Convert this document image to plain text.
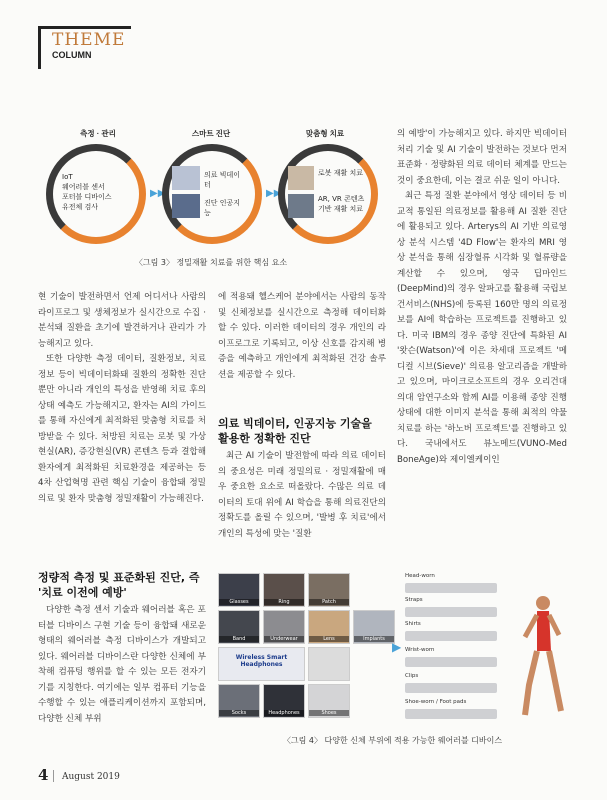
THEME
COLUMN
측정 · 관리	스마트 진단	맞춤형 치료
IoT
웨어러블 센서
포터블 디바이스
유전체 검사
▶▶
의료 빅데이터
진단 인공지능
▶▶
로봇 재활 치료
AR, VR 콘텐츠 기반 재활 치료
〈그림 3〉 정밀재활 치료를 위한 핵심 요소

현 기술이 발전하면서 언제 어디서나 사람의 라이프로그 및 생체정보가 실시간으로 수집 · 분석돼 질환을 초기에 발견하거나 관리가 가능해지고 있다.

또한 다양한 측정 데이터, 질환정보, 치료정보 등이 빅데이터화돼 질환의 정확한 진단뿐만 아니라 개인의 특성을 반영해 치료 후의 상태 예측도 가능해지고, 환자는 AI의 가이드를 통해 자신에게 최적화된 맞춤형 치료를 처방받을 수 있다. 처방된 치료는 로봇 및 가상현실(AR), 증강현실(VR) 콘텐츠 등과 결합해 환자에게 최적화된 치료환경을 제공하는 등 4차 산업혁명 관련 핵심 기술이 융합돼 정밀의료 및 환자 맞춤형 정밀재활이 가능해진다.

정량적 측정 및 표준화된 진단, 즉 '치료 이전에 예방'

다양한 측정 센서 기술과 웨어러블 혹은 포터블 디바이스 구현 기술 등이 융합돼 새로운 형태의 웨어러블 측정 디바이스가 개발되고 있다. 웨어러블 디바이스란 다양한 신체에 부착해 컴퓨팅 행위를 할 수 있는 모든 전자기기를 지칭한다. 여기에는 일부 컴퓨터 기능을 수행할 수 있는 애플리케이션까지 포함되며, 다양한 신체 부위

에 적용돼 헬스케어 분야에서는 사람의 동작 및 신체정보를 실시간으로 측정해 데이터화할 수 있다. 이러한 데이터의 경우 개인의 라이프로그로 기록되고, 이상 신호를 감지해 병증을 예측하고 개인에게 최적화된 건강 솔루션을 제공할 수 있다.

의료 빅데이터, 인공지능 기술을 활용한 정확한 진단

최근 AI 기술이 발전함에 따라 의료 데이터의 중요성은 미래 정밀의료 · 정밀재활에 매우 중요한 요소로 떠올랐다. 수많은 의료 데이터의 토대 위에 AI 학습을 통해 의료진단의 정확도를 올릴 수 있으며, '발병 후 치료'에서 개인의 특성에 맞는 '질환

의 예방'이 가능해지고 있다. 하지만 빅데이터 처리 기술 및 AI 기술이 발전하는 것보다 먼저 표준화 · 정량화된 의료 데이터 체계를 만드는 것이 중요한데, 이는 결코 쉬운 일이 아니다.

최근 특정 질환 분야에서 영상 데이터 등 비교적 통일된 의료정보를 활용해 AI 질환 진단에 활용되고 있다. Arterys의 AI 기반 의료영상 분석 시스템 '4D Flow'는 환자의 MRI 영상 분석을 통해 심장혈류 시각화 및 혈류량을 계산할 수 있으며, 영국 딥마인드(DeepMind)의 경우 알파고를 활용해 국립보건서비스(NHS)에 등록된 160만 명의 의료정보를 AI에 학습하는 프로젝트를 진행하고 있다. 미국 IBM의 경우 종양 진단에 특화된 AI '왓슨(Watson)'에 이은 차세대 프로젝트 '메디컬 시브(Sieve)' 의료용 알고리즘을 개발하고 있으며, 마이크로소프트의 경우 오리건대의대 암연구소와 함께 AI를 이용해 종양 진행 상태에 대한 이미지 분석을 통해 최적의 약물 치료를 하는 '하노버 프로젝트'를 진행하고 있다. 국내에서도 뷰노메드(VUNO-Med BoneAge)와 제이엘케이인

Glasses	Ring	Patch
Band	Underwear	Lens	Implants
Wireless Smart Headphones
Socks	Headphones	Shoes
▶
Head-worn
Straps
Shirts
Wrist-worn
Clips
Shoe-worn / Foot pads
〈그림 4〉 다양한 신체 부위에 적용 가능한 웨어러블 디바이스
4 August 2019
